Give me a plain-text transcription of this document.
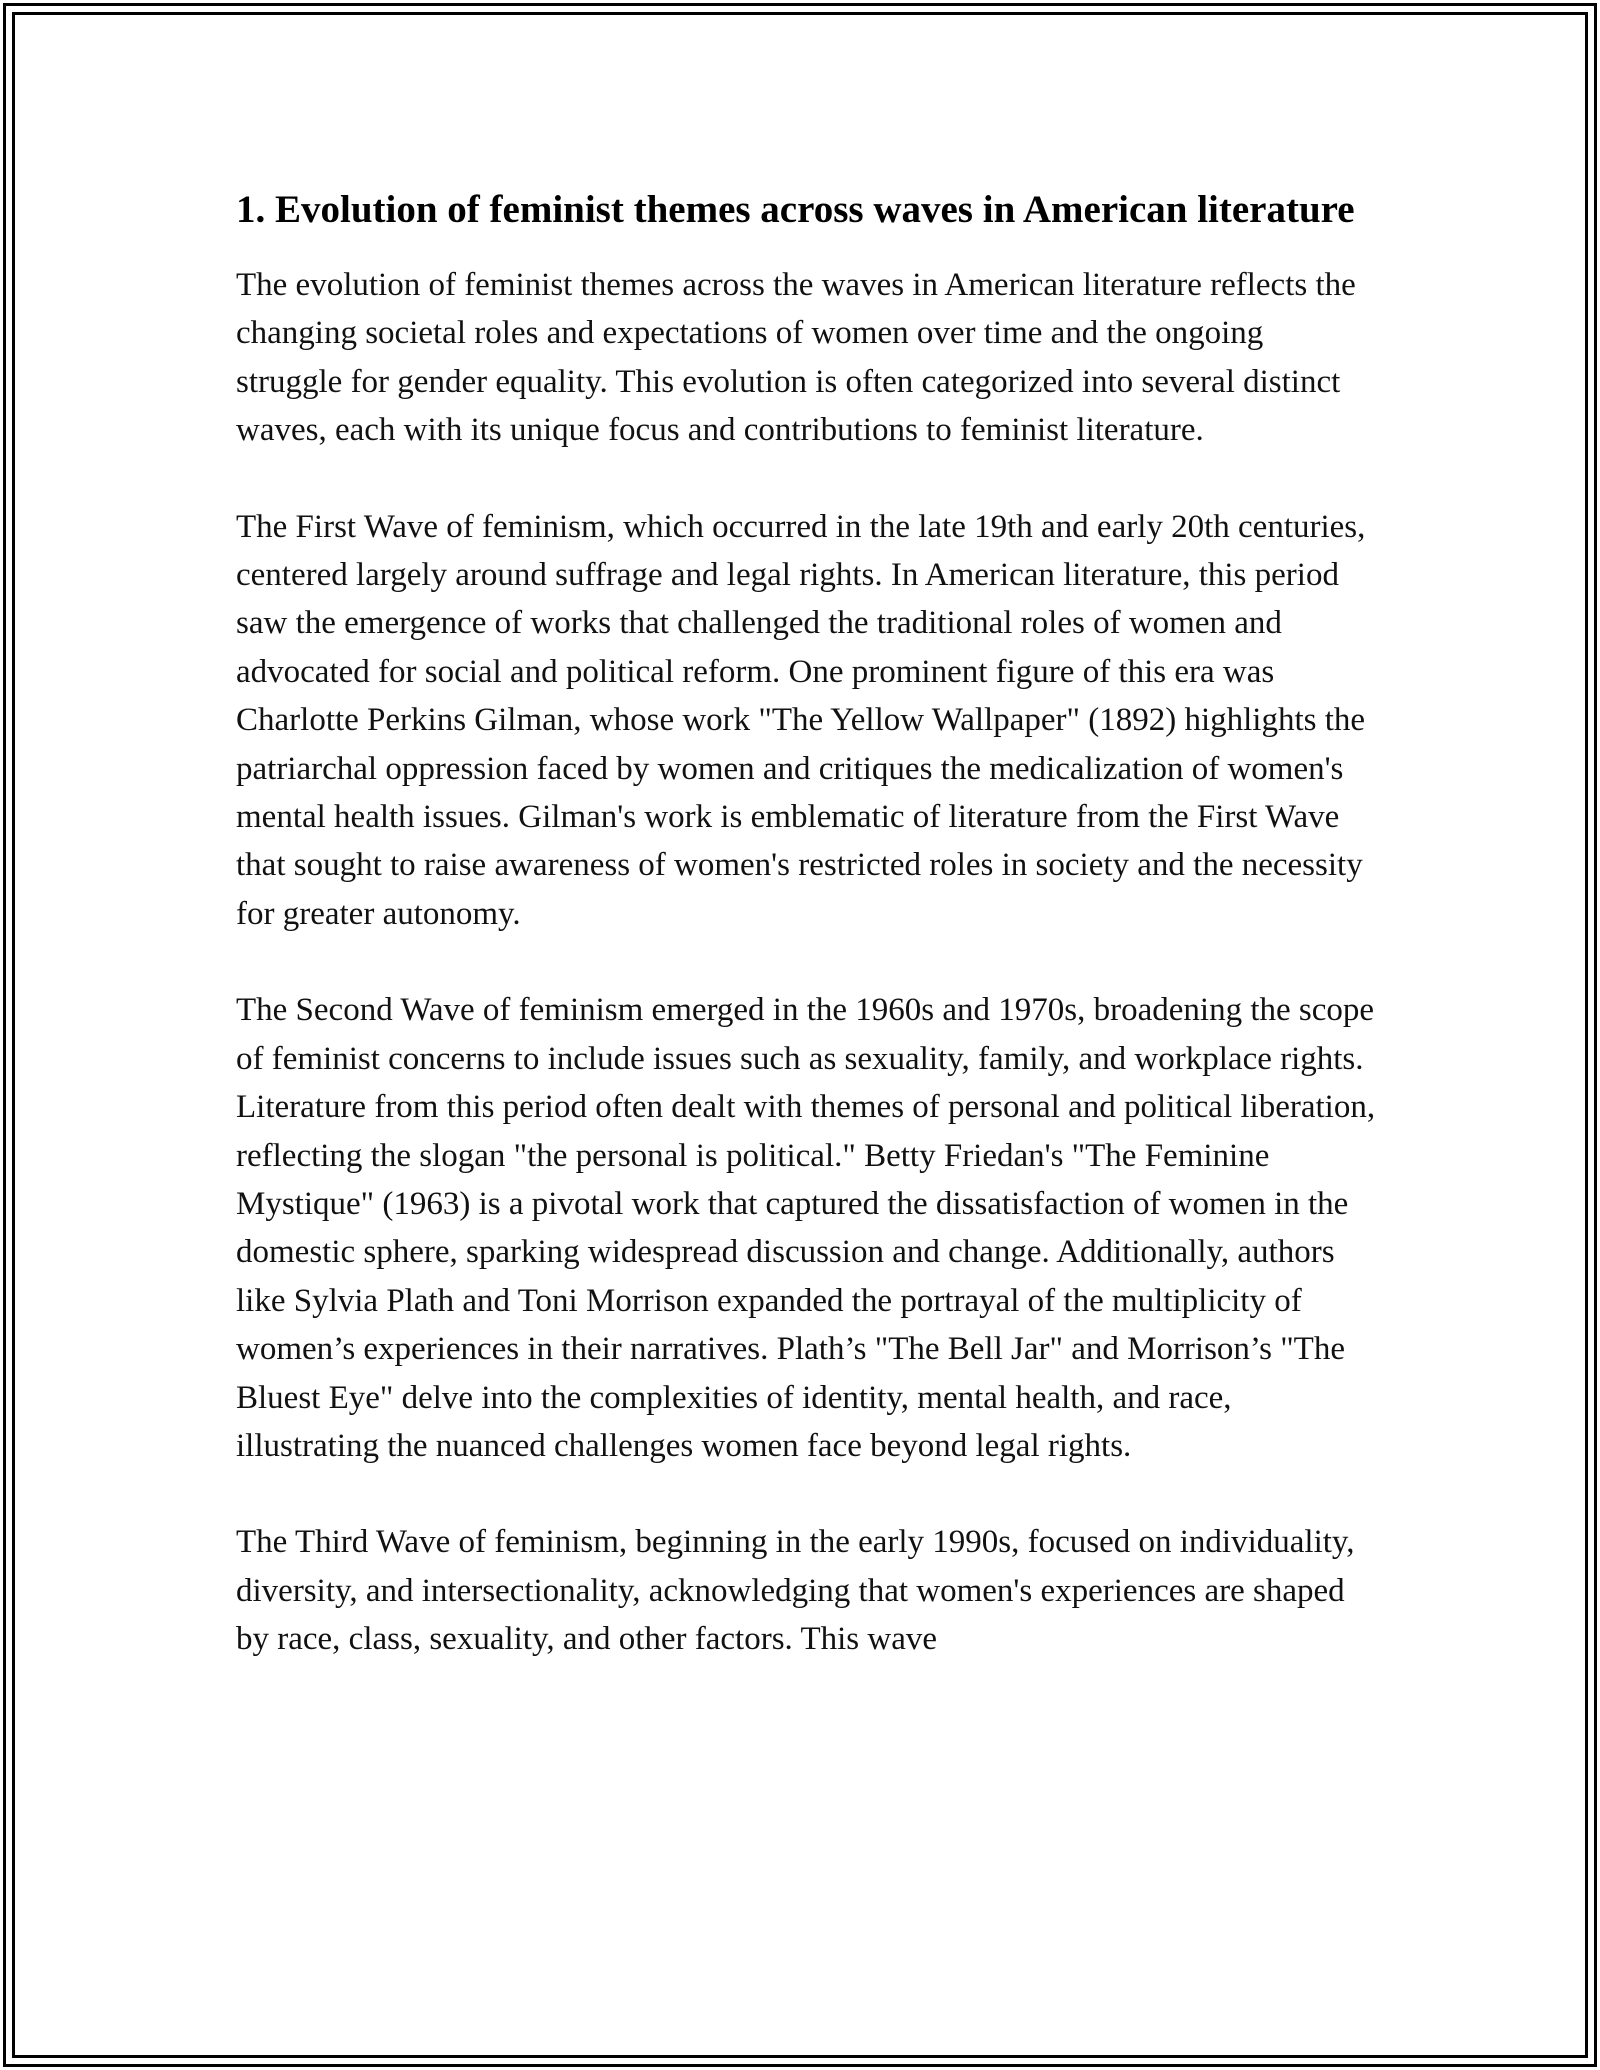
1. Evolution of feminist themes across waves in American literature

The evolution of feminist themes across the waves in American literature reflects the changing societal roles and expectations of women over time and the ongoing struggle for gender equality. This evolution is often categorized into several distinct waves, each with its unique focus and contributions to feminist literature.

The First Wave of feminism, which occurred in the late 19th and early 20th centuries, centered largely around suffrage and legal rights. In American literature, this period saw the emergence of works that challenged the traditional roles of women and advocated for social and political reform. One prominent figure of this era was Charlotte Perkins Gilman, whose work "The Yellow Wallpaper" (1892) highlights the patriarchal oppression faced by women and critiques the medicalization of women's mental health issues. Gilman's work is emblematic of literature from the First Wave that sought to raise awareness of women's restricted roles in society and the necessity for greater autonomy.

The Second Wave of feminism emerged in the 1960s and 1970s, broadening the scope of feminist concerns to include issues such as sexuality, family, and workplace rights. Literature from this period often dealt with themes of personal and political liberation, reflecting the slogan "the personal is political." Betty Friedan's "The Feminine Mystique" (1963) is a pivotal work that captured the dissatisfaction of women in the domestic sphere, sparking widespread discussion and change. Additionally, authors like Sylvia Plath and Toni Morrison expanded the portrayal of the multiplicity of women’s experiences in their narratives. Plath’s "The Bell Jar" and Morrison’s "The Bluest Eye" delve into the complexities of identity, mental health, and race, illustrating the nuanced challenges women face beyond legal rights.

The Third Wave of feminism, beginning in the early 1990s, focused on individuality, diversity, and intersectionality, acknowledging that women's experiences are shaped by race, class, sexuality, and other factors. This wave
